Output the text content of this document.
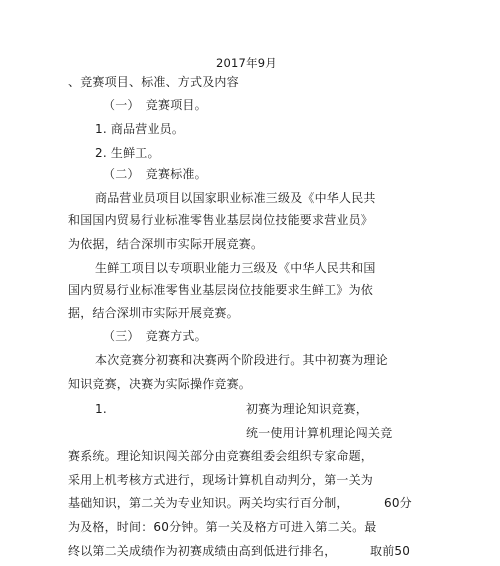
2017年9月
、竞赛项目、标准、方式及内容
（一）　竞赛项目。
1. 商品营业员。
2. 生鲜工。
（二）　竞赛标准。
商品营业员项目以国家职业标准三级及《中华人民共
和国国内贸易行业标准零售业基层岗位技能要求营业员》
为依据，结合深圳市实际开展竞赛。
生鲜工项目以专项职业能力三级及《中华人民共和国
国内贸易行业标准零售业基层岗位技能要求生鲜工》为依
据，结合深圳市实际开展竞赛。
（三）　竞赛方式。
本次竞赛分初赛和决赛两个阶段进行。其中初赛为理论
知识竞赛，决赛为实际操作竞赛。
1.	初赛为理论知识竞赛，
统一使用计算机理论闯关竞
赛系统。理论知识闯关部分由竞赛组委会组织专家命题，
采用上机考核方式进行，现场计算机自动判分，第一关为
基础知识，第二关为专业知识。两关均实行百分制，	60分
为及格，时间：60分钟。第一关及格方可进入第二关。最
终以第二关成绩作为初赛成绩由高到低进行排名，	取前50
